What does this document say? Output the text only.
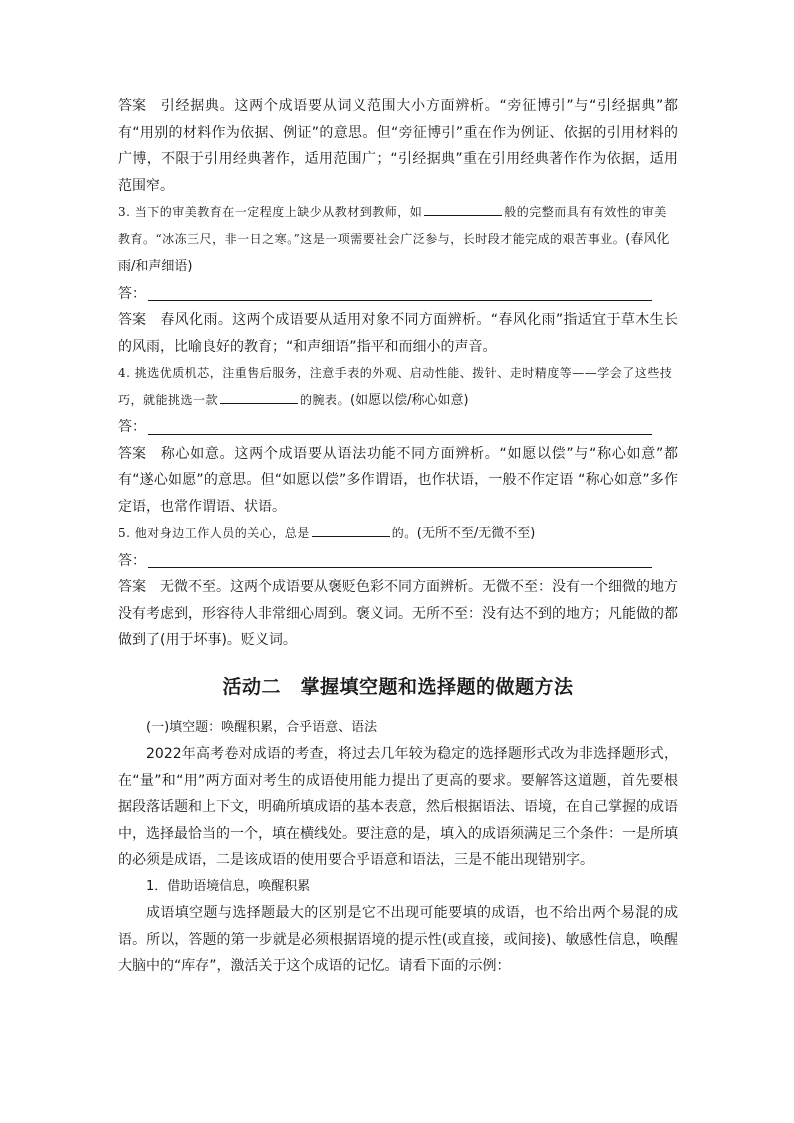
答案 引经据典。这两个成语要从词义范围大小方面辨析。“旁征博引”与“引经据典”都有“用别的材料作为依据、例证”的意思。但“旁征博引”重在作为例证、依据的引用材料的广博，不限于引用经典著作，适用范围广；“引经据典”重在引用经典著作作为依据，适用范围窄。

3. 当下的审美教育在一定程度上缺少从教材到教师，如	般的完整而具有有效性的审美教育。“冰冻三尺，非一日之寒。”这是一项需要社会广泛参与，长时段才能完成的艰苦事业。(春风化雨/和声细语)

答：

答案 春风化雨。这两个成语要从适用对象不同方面辨析。“春风化雨”指适宜于草木生长的风雨，比喻良好的教育；“和声细语”指平和而细小的声音。

4. 挑选优质机芯，注重售后服务，注意手表的外观、启动性能、拨针、走时精度等——学会了这些技巧，就能挑选一款	的腕表。(如愿以偿/称心如意)

答：

答案 称心如意。这两个成语要从语法功能不同方面辨析。“如愿以偿”与“称心如意”都有“遂心如愿”的意思。但“如愿以偿”多作谓语，也作状语，一般不作定语 “称心如意”多作定语，也常作谓语、状语。

5. 他对身边工作人员的关心，总是	的。(无所不至/无微不至)

答：

答案 无微不至。这两个成语要从褒贬色彩不同方面辨析。无微不至：没有一个细微的地方没有考虑到，形容待人非常细心周到。褒义词。无所不至：没有达不到的地方；凡能做的都做到了(用于坏事)。贬义词。

活动二　掌握填空题和选择题的做题方法

(一)填空题：唤醒积累，合乎语意、语法

2022年高考卷对成语的考查，将过去几年较为稳定的选择题形式改为非选择题形式，在“量”和“用”两方面对考生的成语使用能力提出了更高的要求。要解答这道题，首先要根据段落话题和上下文，明确所填成语的基本表意，然后根据语法、语境，在自己掌握的成语中，选择最恰当的一个，填在横线处。要注意的是，填入的成语须满足三个条件：一是所填的必须是成语，二是该成语的使用要合乎语意和语法，三是不能出现错别字。

1．借助语境信息，唤醒积累

成语填空题与选择题最大的区别是它不出现可能要填的成语，也不给出两个易混的成语。所以，答题的第一步就是必须根据语境的提示性(或直接，或间接)、敏感性信息，唤醒大脑中的“库存”，激活关于这个成语的记忆。请看下面的示例：
